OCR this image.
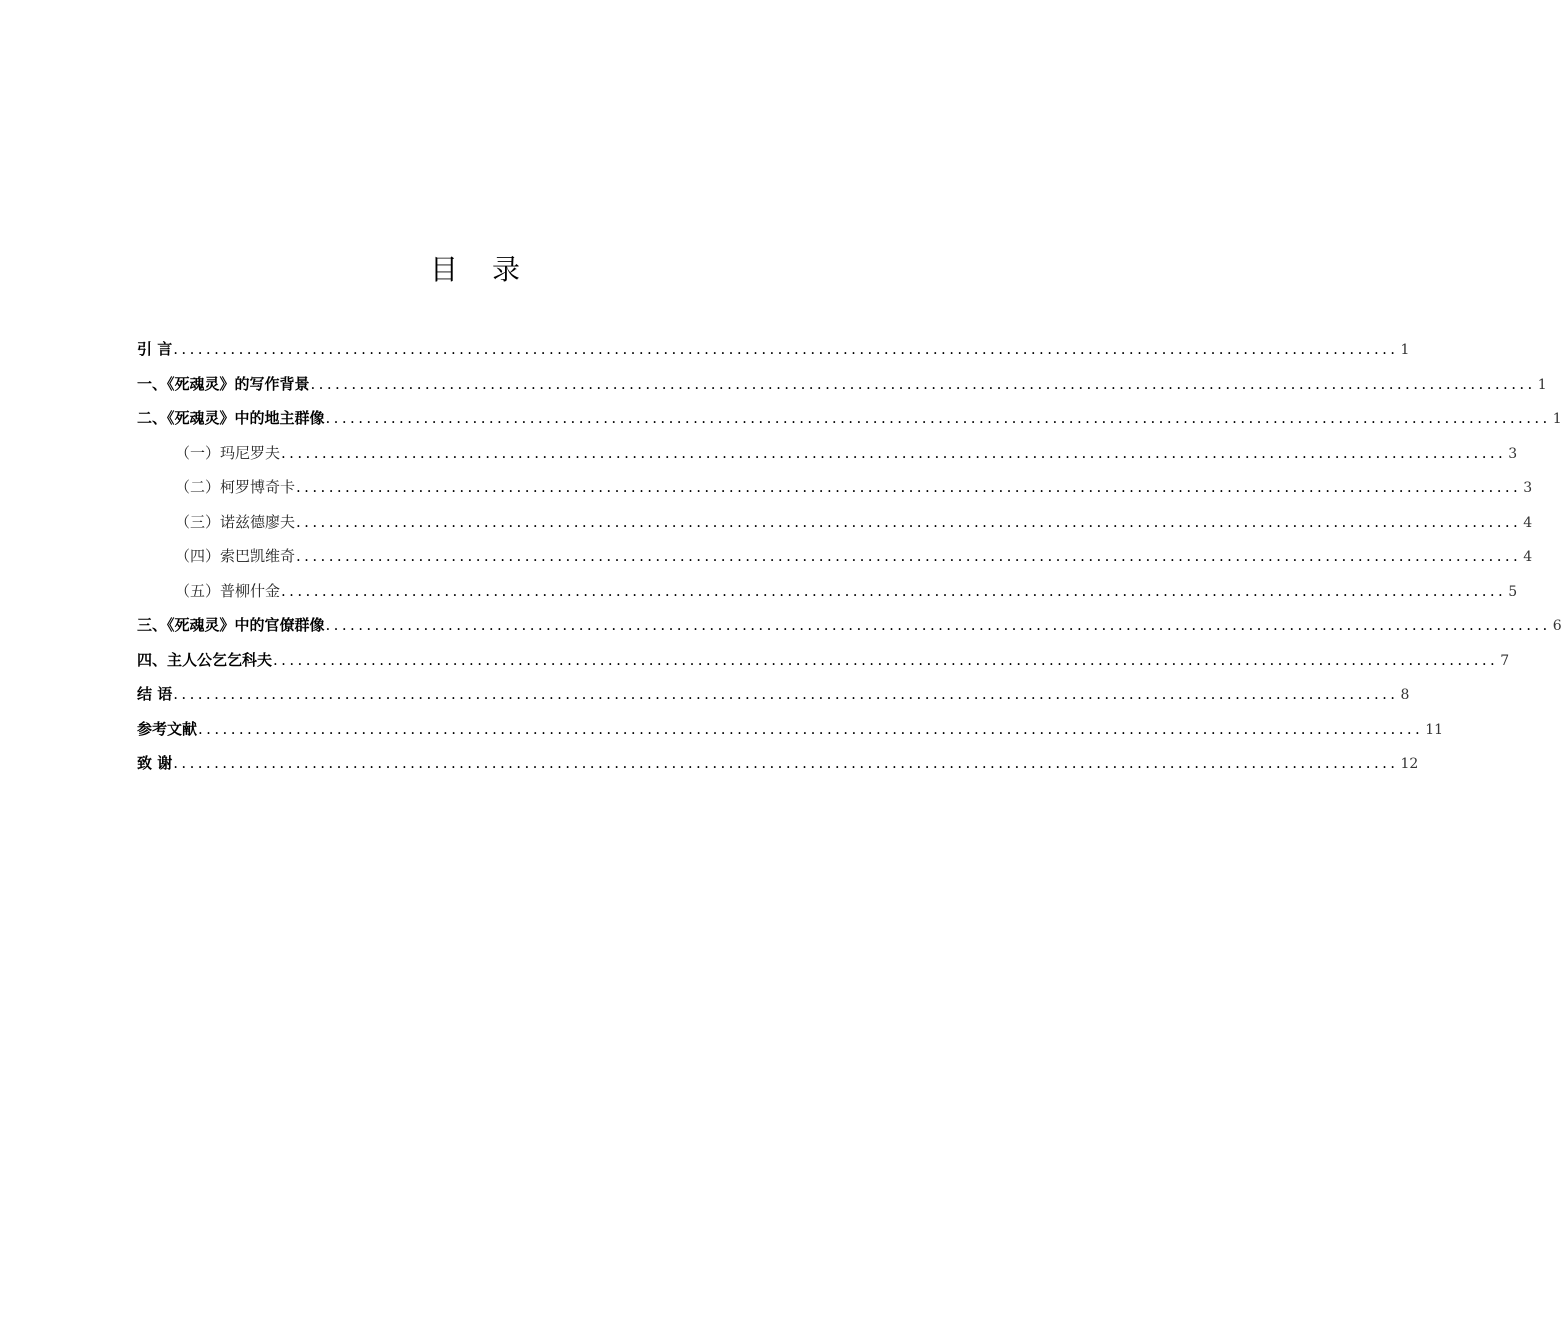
目录
引 言 ...................................................................................................................................................... 1
一、《死魂灵》的写作背景 ...................................................................................................................................................... 1
二、《死魂灵》中的地主群像 ...................................................................................................................................................... 1
（一）玛尼罗夫 ...................................................................................................................................................... 3
（二）柯罗博奇卡 ...................................................................................................................................................... 3
（三）诺兹德廖夫 ...................................................................................................................................................... 4
（四）索巴凯维奇 ...................................................................................................................................................... 4
（五）普柳什金 ...................................................................................................................................................... 5
三、《死魂灵》中的官僚群像 ...................................................................................................................................................... 6
四、主人公乞乞科夫 ...................................................................................................................................................... 7
结 语 ...................................................................................................................................................... 8
参考文献 ...................................................................................................................................................... 11
致 谢 ...................................................................................................................................................... 12
